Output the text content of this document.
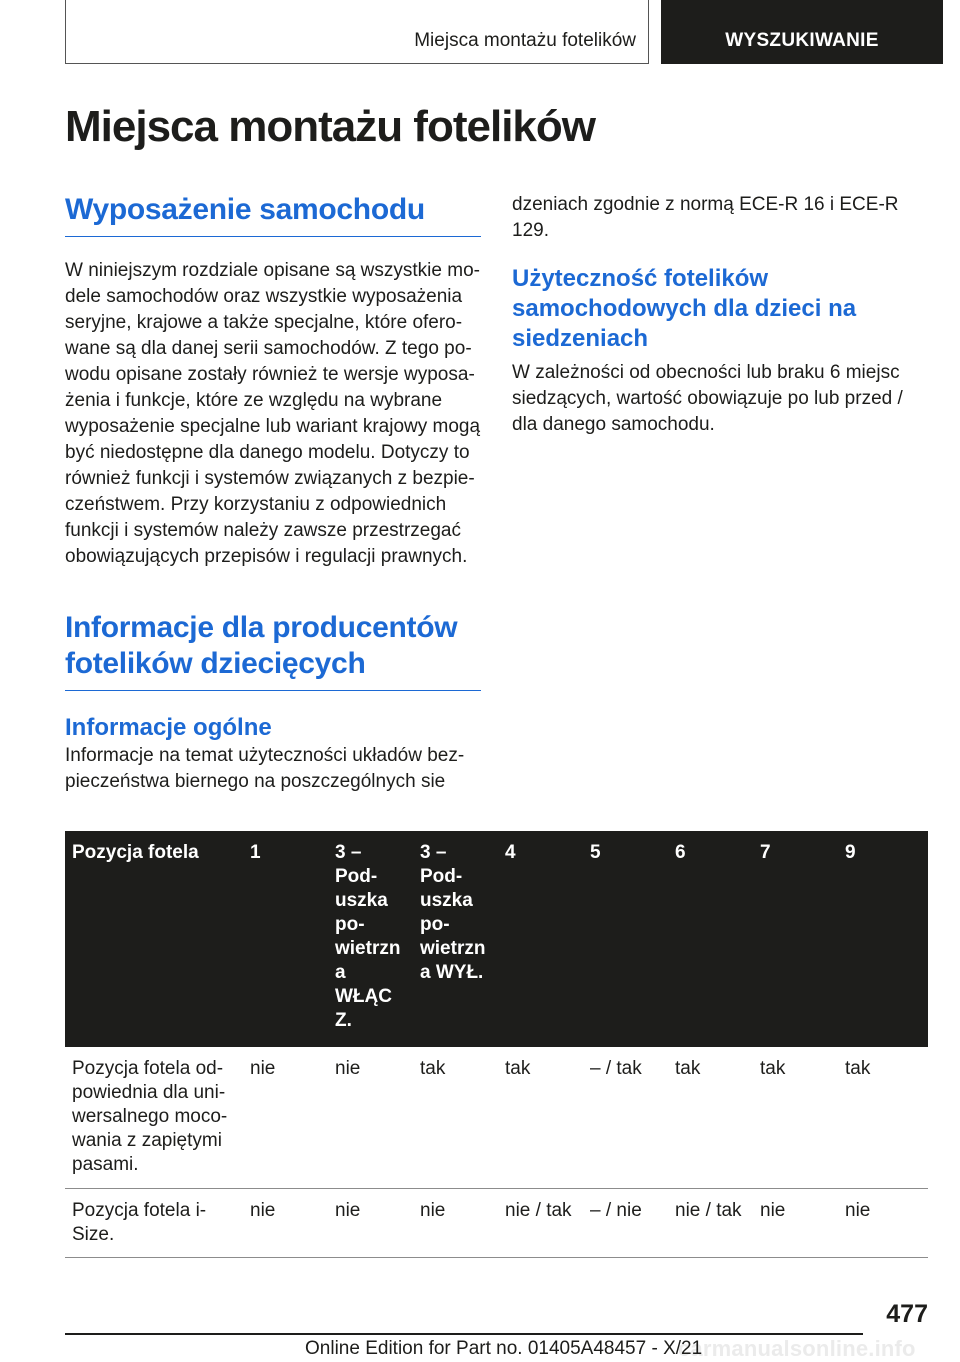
Miejsca montażu fotelików	WYSZUKIWANIE
Miejsca montażu fotelików
Wyposażenie samochodu

W niniejszym rozdziale opisane są wszystkie modele samochodów oraz wszystkie wyposażenia seryjne, krajowe a także specjalne, które oferowane są dla danej serii samochodów. Z tego powodu opisane zostały również te wersje wyposażenia i funkcje, które ze względu na wybrane wyposażenie specjalne lub wariant krajowy mogą być niedostępne dla danego modelu. Dotyczy to również funkcji i systemów związanych z bezpieczeństwem. Przy korzystaniu z odpowiednich funkcji i systemów należy zawsze przestrzegać obowiązujących przepisów i regulacji prawnych.

Informacje dla producentów fotelików dziecięcych
Informacje ogólne

Informacje na temat użyteczności układów bezpieczeństwa biernego na poszczególnych sie

dzeniach zgodnie z normą ECE-R 16 i ECE-R 129.

Użyteczność fotelików samochodowych dla dzieci na siedzeniach

W zależności od obecności lub braku 6 miejsc siedzących, wartość obowiązuje po lub przed / dla danego samochodu.

Pozycja fotela	1	3 – Poduszka powietrzn a WŁĄC Z.	3 – Poduszka powietrzn a WYŁ.	4	5	6	7	9
Pozycja fotela odpowiednia dla uniwersalnego mocowania z zapiętymi pasami.	nie	nie	tak	tak	– / tak	tak	tak	tak
Pozycja fotela i-Size.	nie	nie	nie	nie / tak	– / nie	nie / tak	nie	nie
477
carmanualsonline.info
Online Edition for Part no. 01405A48457 - X/21
